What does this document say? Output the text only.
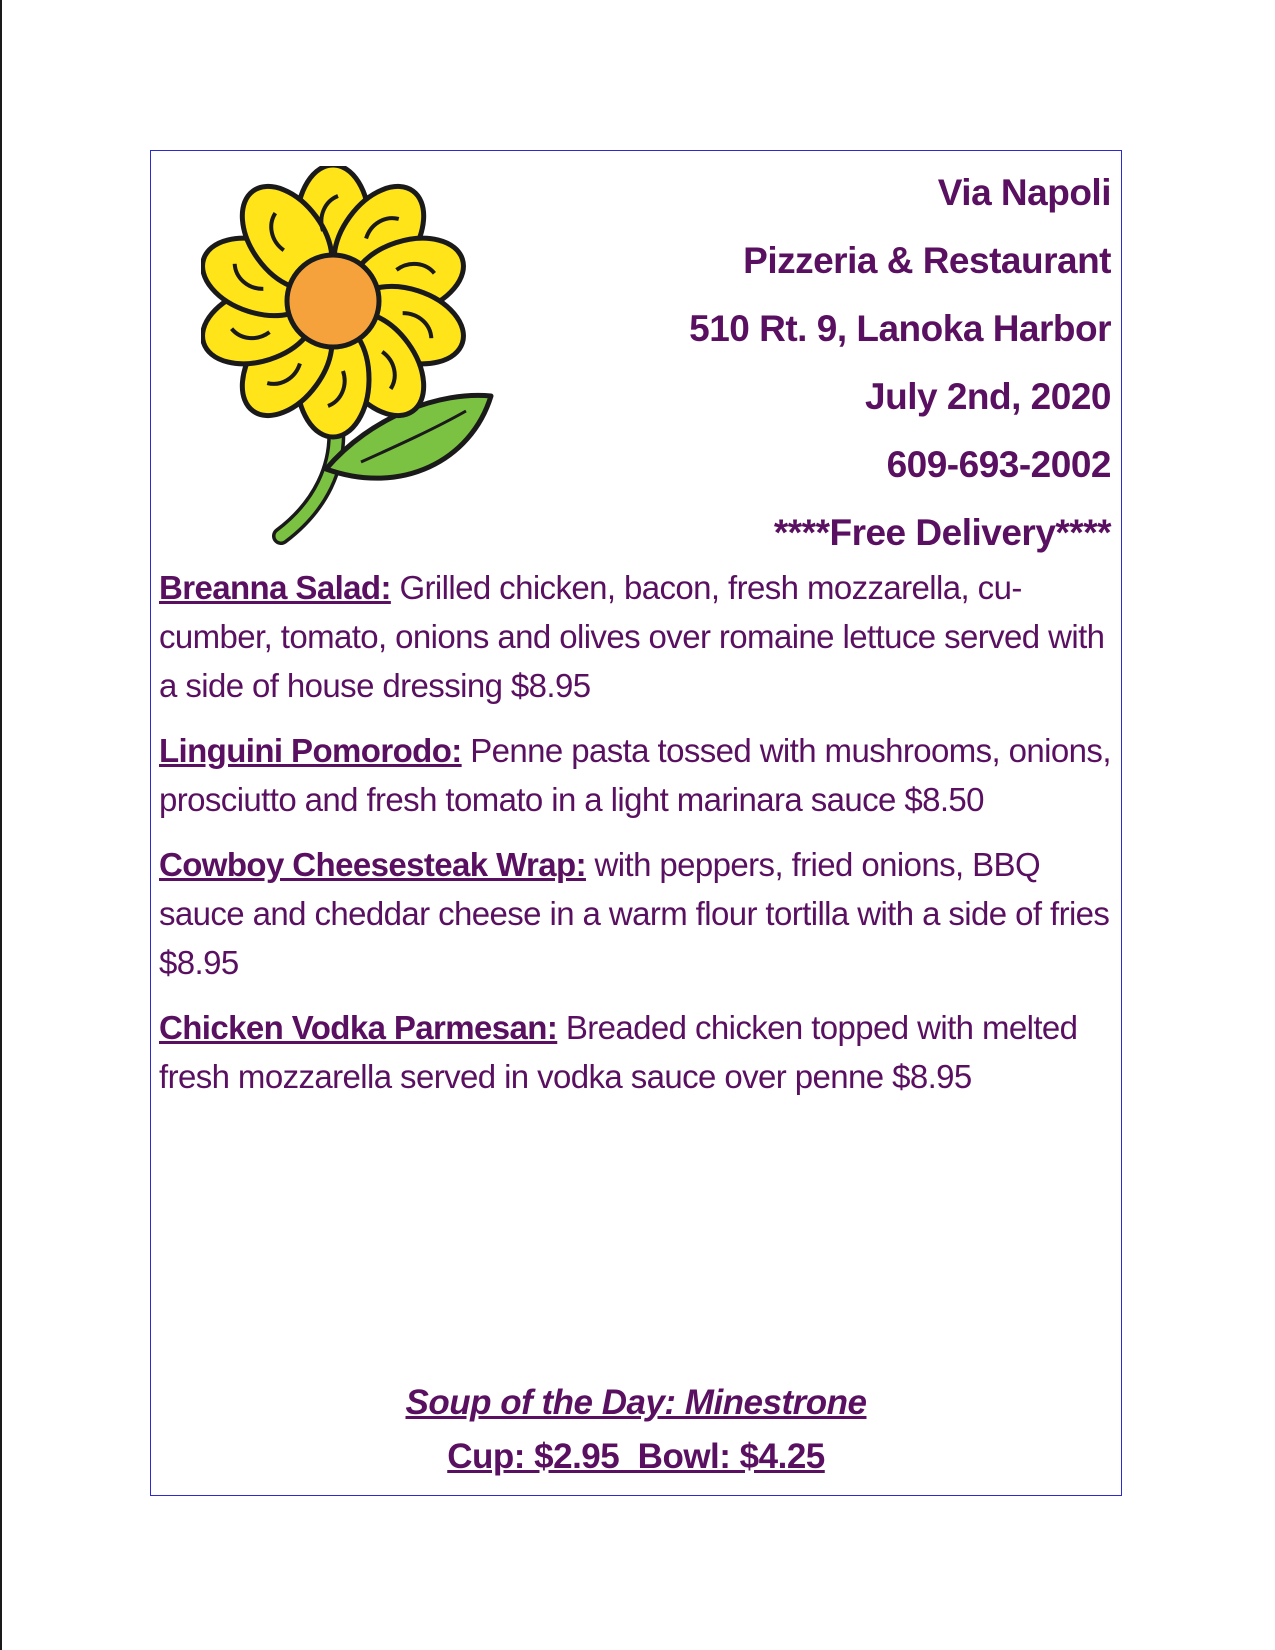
Via Napoli
Pizzeria & Restaurant
510 Rt. 9, Lanoka Harbor
July 2nd, 2020
609-693-2002
****Free Delivery****
Breanna Salad: Grilled chicken, bacon, fresh mozzarella, cu-cumber, tomato, onions and olives over romaine lettuce served with a side of house dressing $8.95
Linguini Pomorodo: Penne pasta tossed with mushrooms, onions, prosciutto and fresh tomato in a light marinara sauce $8.50
Cowboy Cheesesteak Wrap: with peppers, fried onions, BBQ sauce and cheddar cheese in a warm flour tortilla with a side of fries $8.95
Chicken Vodka Parmesan: Breaded chicken topped with melted fresh mozzarella served in vodka sauce over penne $8.95
Soup of the Day: Minestrone
Cup: $2.95  Bowl: $4.25
